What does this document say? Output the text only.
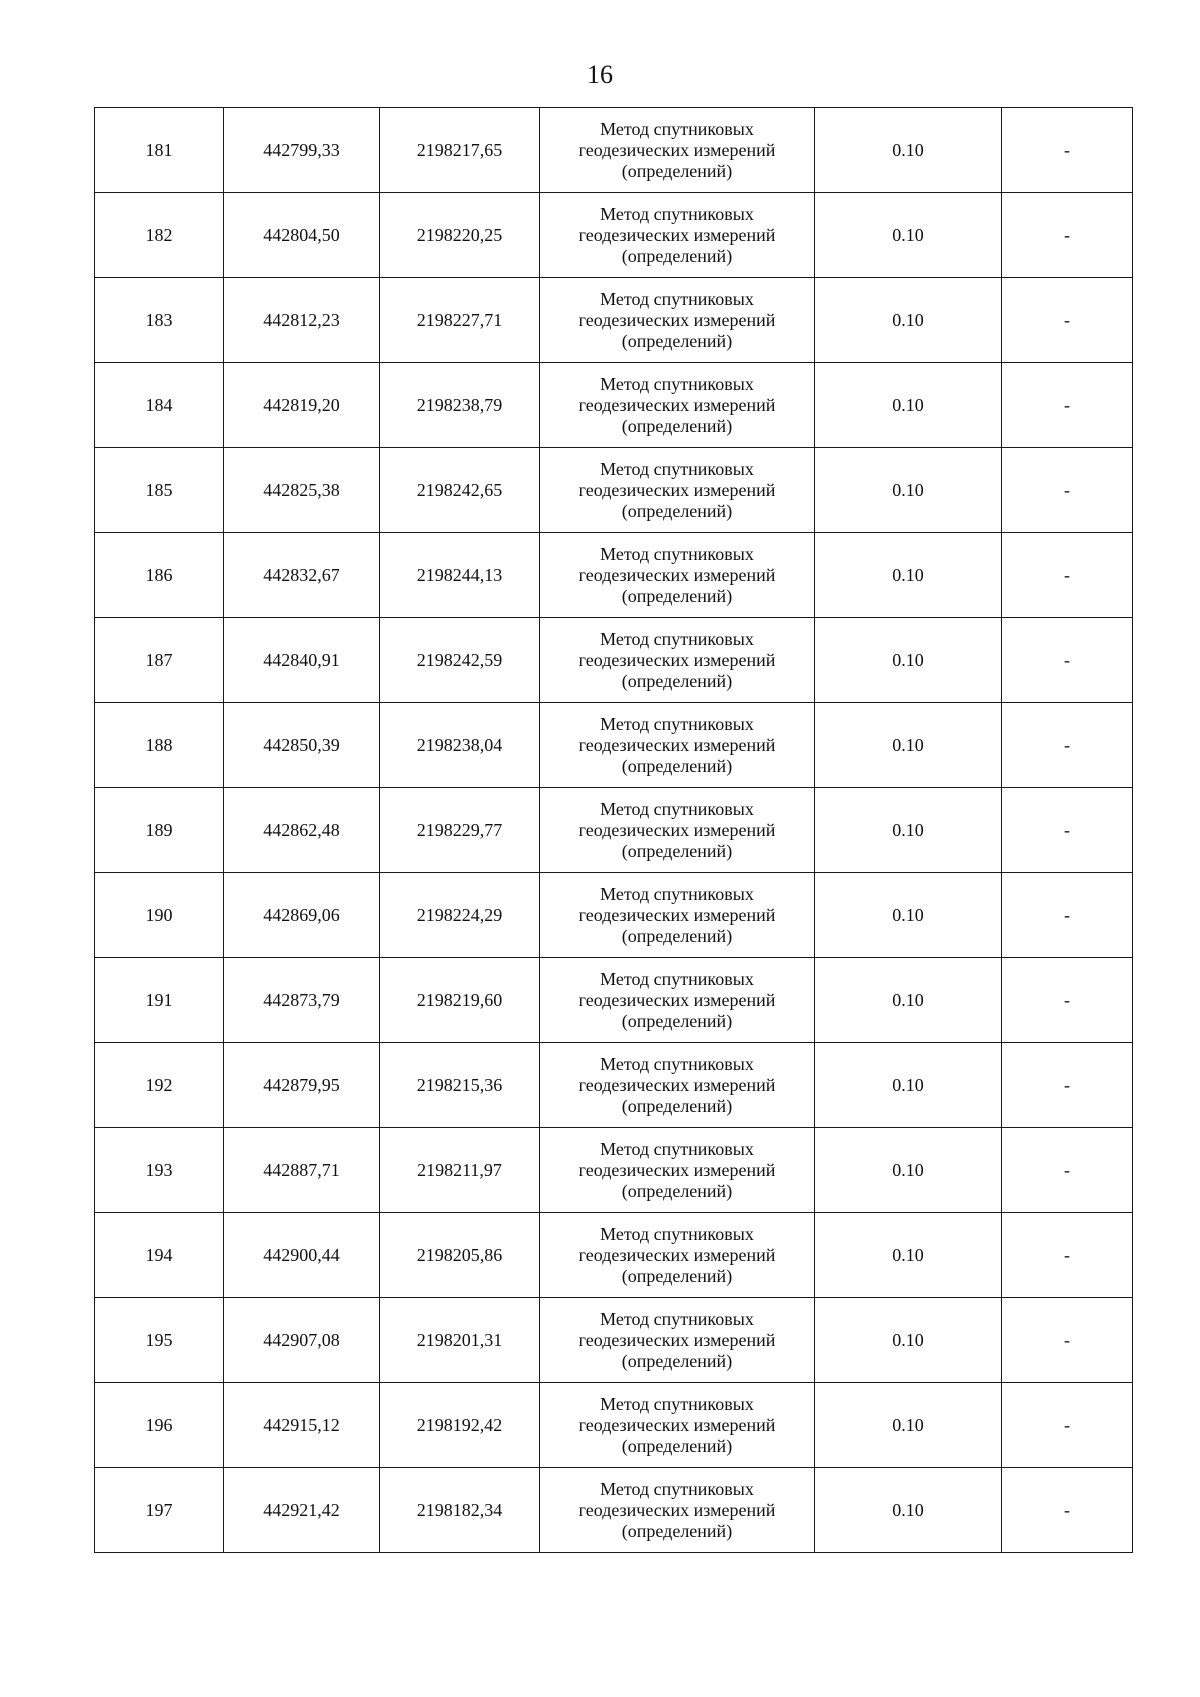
16
181	442799,33	2198217,65	Метод спутниковых
геодезических измерений
(определений)	0.10	-
182	442804,50	2198220,25	Метод спутниковых
геодезических измерений
(определений)	0.10	-
183	442812,23	2198227,71	Метод спутниковых
геодезических измерений
(определений)	0.10	-
184	442819,20	2198238,79	Метод спутниковых
геодезических измерений
(определений)	0.10	-
185	442825,38	2198242,65	Метод спутниковых
геодезических измерений
(определений)	0.10	-
186	442832,67	2198244,13	Метод спутниковых
геодезических измерений
(определений)	0.10	-
187	442840,91	2198242,59	Метод спутниковых
геодезических измерений
(определений)	0.10	-
188	442850,39	2198238,04	Метод спутниковых
геодезических измерений
(определений)	0.10	-
189	442862,48	2198229,77	Метод спутниковых
геодезических измерений
(определений)	0.10	-
190	442869,06	2198224,29	Метод спутниковых
геодезических измерений
(определений)	0.10	-
191	442873,79	2198219,60	Метод спутниковых
геодезических измерений
(определений)	0.10	-
192	442879,95	2198215,36	Метод спутниковых
геодезических измерений
(определений)	0.10	-
193	442887,71	2198211,97	Метод спутниковых
геодезических измерений
(определений)	0.10	-
194	442900,44	2198205,86	Метод спутниковых
геодезических измерений
(определений)	0.10	-
195	442907,08	2198201,31	Метод спутниковых
геодезических измерений
(определений)	0.10	-
196	442915,12	2198192,42	Метод спутниковых
геодезических измерений
(определений)	0.10	-
197	442921,42	2198182,34	Метод спутниковых
геодезических измерений
(определений)	0.10	-
